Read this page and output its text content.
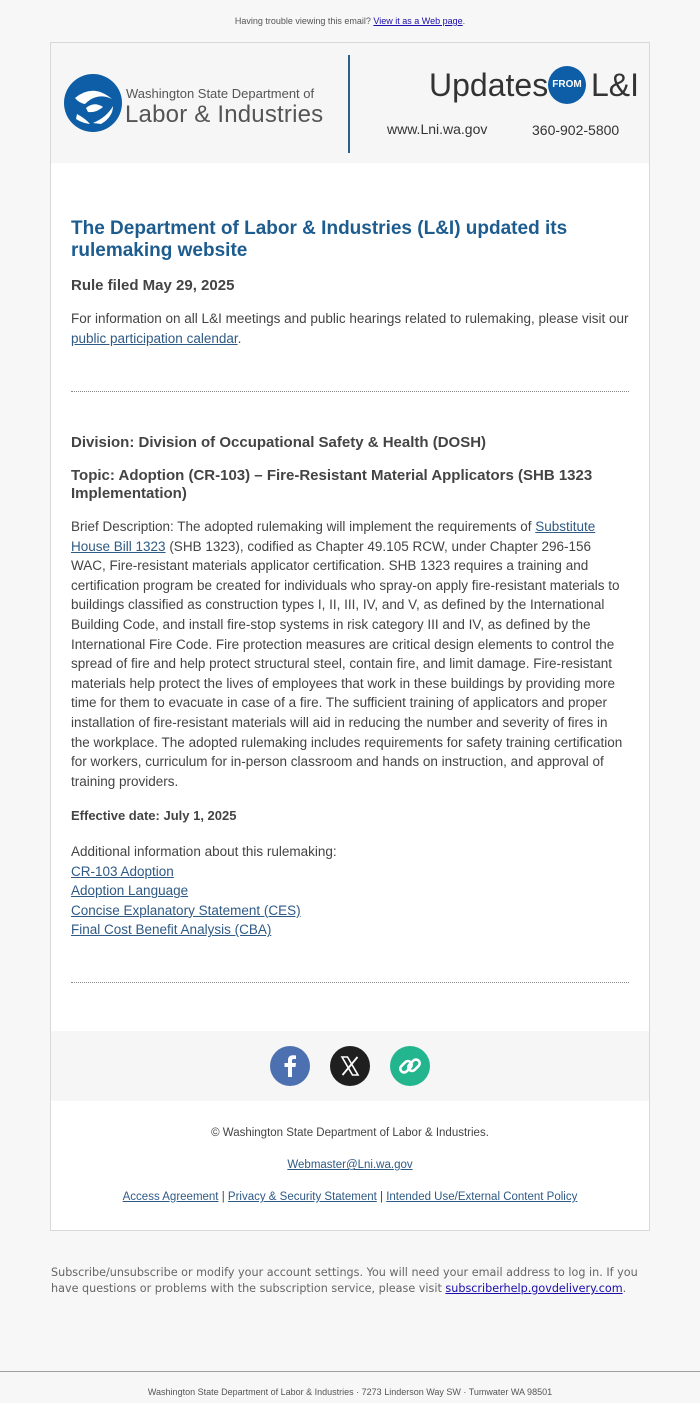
Having trouble viewing this email? View it as a Web page.
Washington State Department of
Labor & Industries
Updates FROM L&I
www.Lni.wa.gov	360-902-5800
The Department of Labor & Industries (L&I) updated its rulemaking website
Rule filed May 29, 2025
For information on all L&I meetings and public hearings related to rulemaking, please visit our public participation calendar.
Division: Division of Occupational Safety & Health (DOSH)
Topic: Adoption (CR-103) – Fire-Resistant Material Applicators (SHB 1323 Implementation)
Brief Description: The adopted rulemaking will implement the requirements of Substitute House Bill 1323 (SHB 1323), codified as Chapter 49.105 RCW, under Chapter 296-156 WAC, Fire-resistant materials applicator certification. SHB 1323 requires a training and certification program be created for individuals who spray-on apply fire-resistant materials to buildings classified as construction types I, II, III, IV, and V, as defined by the International Building Code, and install fire-stop systems in risk category III and IV, as defined by the International Fire Code. Fire protection measures are critical design elements to control the spread of fire and help protect structural steel, contain fire, and limit damage. Fire-resistant materials help protect the lives of employees that work in these buildings by providing more time for them to evacuate in case of a fire. The sufficient training of applicators and proper installation of fire-resistant materials will aid in reducing the number and severity of fires in the workplace. The adopted rulemaking includes requirements for safety training certification for workers, curriculum for in-person classroom and hands on instruction, and approval of training providers.
Effective date: July 1, 2025
Additional information about this rulemaking:
CR-103 Adoption
Adoption Language
Concise Explanatory Statement (CES)
Final Cost Benefit Analysis (CBA)
© Washington State Department of Labor & Industries.
Webmaster@Lni.wa.gov
Access Agreement | Privacy & Security Statement | Intended Use/External Content Policy
Subscribe/unsubscribe or modify your account settings. You will need your email address to log in. If you have questions or problems with the subscription service, please visit subscriberhelp.govdelivery.com.
Washington State Department of Labor & Industries · 7273 Linderson Way SW · Tumwater WA 98501
